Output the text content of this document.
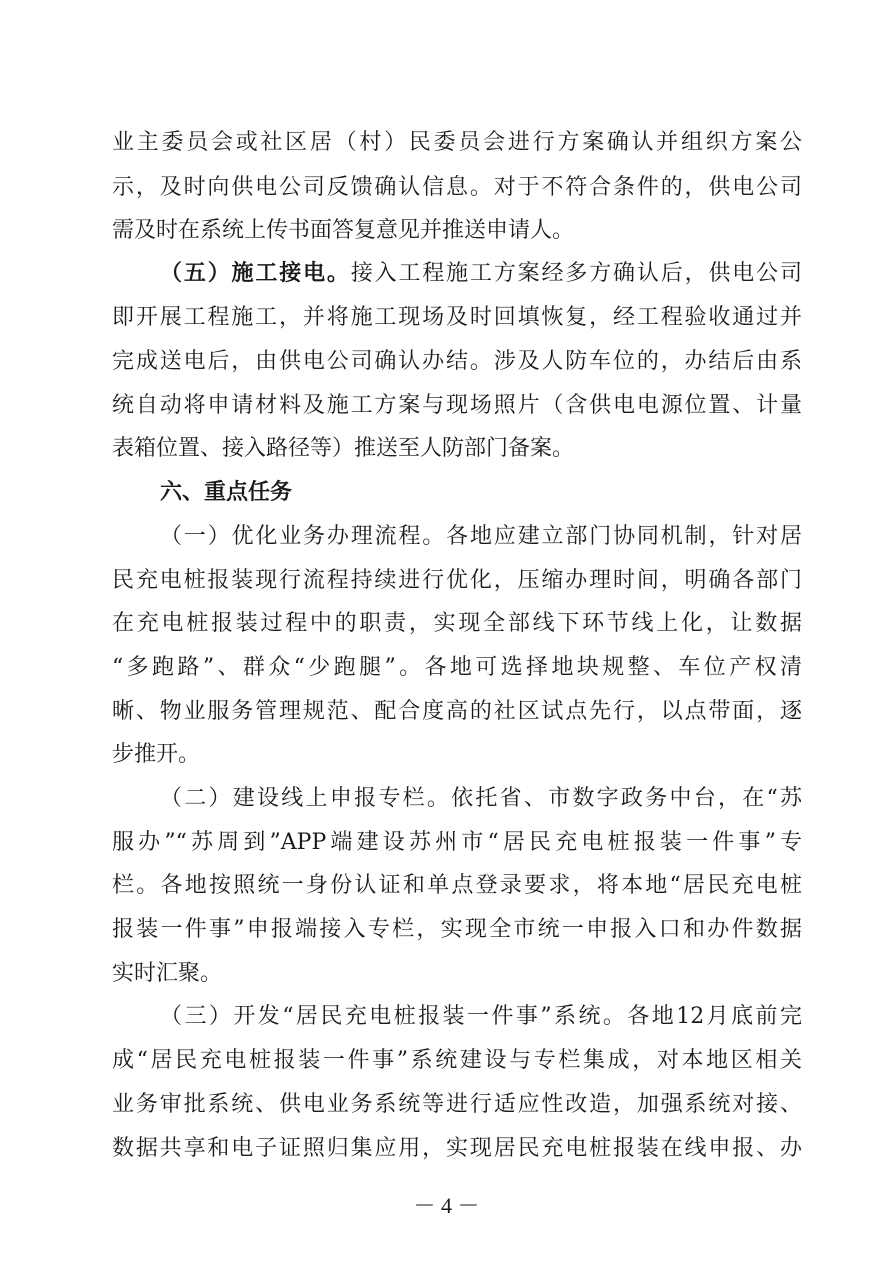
业主委员会或社区居（村）民委员会进行方案确认并组织方案公
示，及时向供电公司反馈确认信息。对于不符合条件的，供电公司
需及时在系统上传书面答复意见并推送申请人。
（五）施工接电。接入工程施工方案经多方确认后，供电公司
即开展工程施工，并将施工现场及时回填恢复，经工程验收通过并
完成送电后，由供电公司确认办结。涉及人防车位的，办结后由系
统自动将申请材料及施工方案与现场照片（含供电电源位置、计量
表箱位置、接入路径等）推送至人防部门备案。
六、重点任务
（一）优化业务办理流程。各地应建立部门协同机制，针对居
民充电桩报装现行流程持续进行优化，压缩办理时间，明确各部门
在充电桩报装过程中的职责，实现全部线下环节线上化，让数据
“多跑路”、群众“少跑腿”。各地可选择地块规整、车位产权清
晰、物业服务管理规范、配合度高的社区试点先行，以点带面，逐
步推开。
（二）建设线上申报专栏。依托省、市数字政务中台，在“苏
服办”“苏周到”APP端建设苏州市“居民充电桩报装一件事”专
栏。各地按照统一身份认证和单点登录要求，将本地“居民充电桩
报装一件事”申报端接入专栏，实现全市统一申报入口和办件数据
实时汇聚。
（三）开发“居民充电桩报装一件事”系统。各地12月底前完
成“居民充电桩报装一件事”系统建设与专栏集成，对本地区相关
业务审批系统、供电业务系统等进行适应性改造，加强系统对接、
数据共享和电子证照归集应用，实现居民充电桩报装在线申报、办
－ 4 －
